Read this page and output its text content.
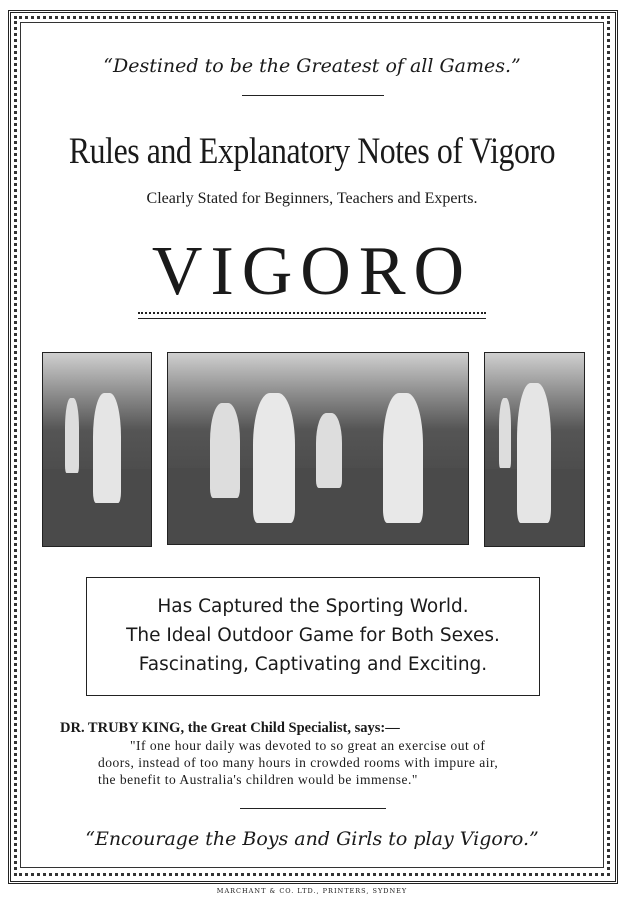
“Destined to be the Greatest of all Games.”
Rules and Explanatory Notes of Vigoro
Clearly Stated for Beginners, Teachers and Experts.
VIGORO
Has Captured the Sporting World.
The Ideal Outdoor Game for Both Sexes.
Fascinating, Captivating and Exciting.
DR. TRUBY KING, the Great Child Specialist, says:—
"If one hour daily was devoted to so great an exercise out of
doors, instead of too many hours in crowded rooms with impure air,
the benefit to Australia's children would be immense."
“Encourage the Boys and Girls to play Vigoro.”
MARCHANT & CO. LTD., PRINTERS, SYDNEY
